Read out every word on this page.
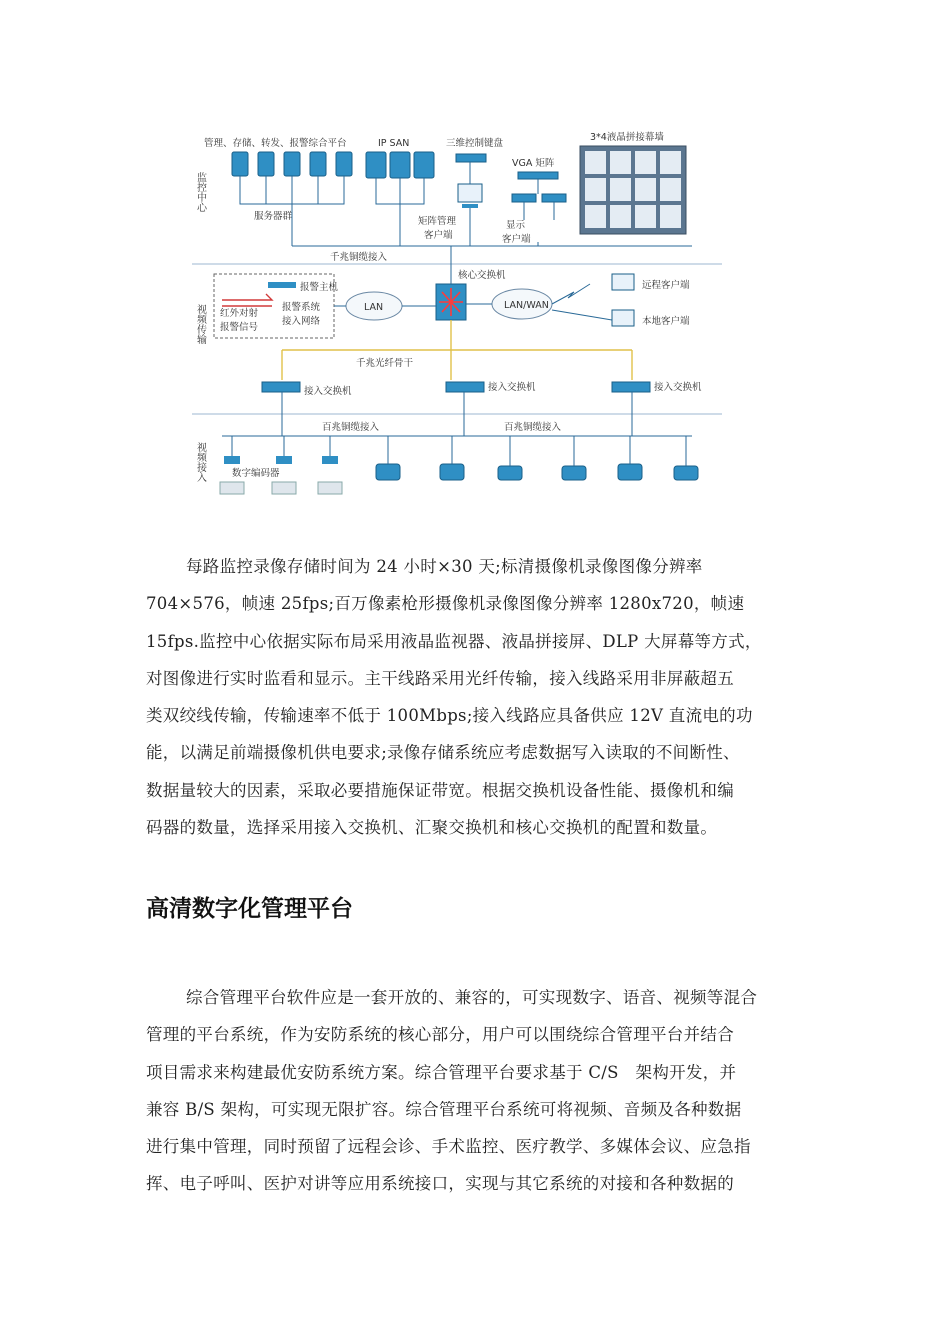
监控中心
视频传输
视频接入
管理、存储、转发、报警综合平台	IP SAN	三维控制键盘
3*4液晶拼接幕墙
服务器群	矩阵管理
客户端
VGA 矩阵
显示
客户端
千兆铜缆接入
核心交换机
报警主机
报警系统
接入网络
红外对射
报警信号
LAN	LAN/WAN
远程客户端
本地客户端
千兆光纤骨干
接入交换机	接入交换机	接入交换机
百兆铜缆接入	百兆铜缆接入
数字编码器

每路监控录像存储时间为 24 小时×30 天;标清摄像机录像图像分辨率
704×576，帧速 25fps;百万像素枪形摄像机录像图像分辨率 1280x720，帧速
15fps.监控中心依据实际布局采用液晶监视器、液晶拼接屏、DLP 大屏幕等方式，
对图像进行实时监看和显示。主干线路采用光纤传输，接入线路采用非屏蔽超五
类双绞线传输，传输速率不低于 100Mbps;接入线路应具备供应 12V 直流电的功
能，以满足前端摄像机供电要求;录像存储系统应考虑数据写入读取的不间断性、
数据量较大的因素，采取必要措施保证带宽。根据交换机设备性能、摄像机和编
码器的数量，选择采用接入交换机、汇聚交换机和核心交换机的配置和数量。

高清数字化管理平台

综合管理平台软件应是一套开放的、兼容的，可实现数字、语音、视频等混合
管理的平台系统，作为安防系统的核心部分，用户可以围绕综合管理平台并结合
项目需求来构建最优安防系统方案。综合管理平台要求基于 C/S　架构开发，并
兼容 B/S 架构，可实现无限扩容。综合管理平台系统可将视频、音频及各种数据
进行集中管理，同时预留了远程会诊、手术监控、医疗教学、多媒体会议、应急指
挥、电子呼叫、医护对讲等应用系统接口，实现与其它系统的对接和各种数据的
